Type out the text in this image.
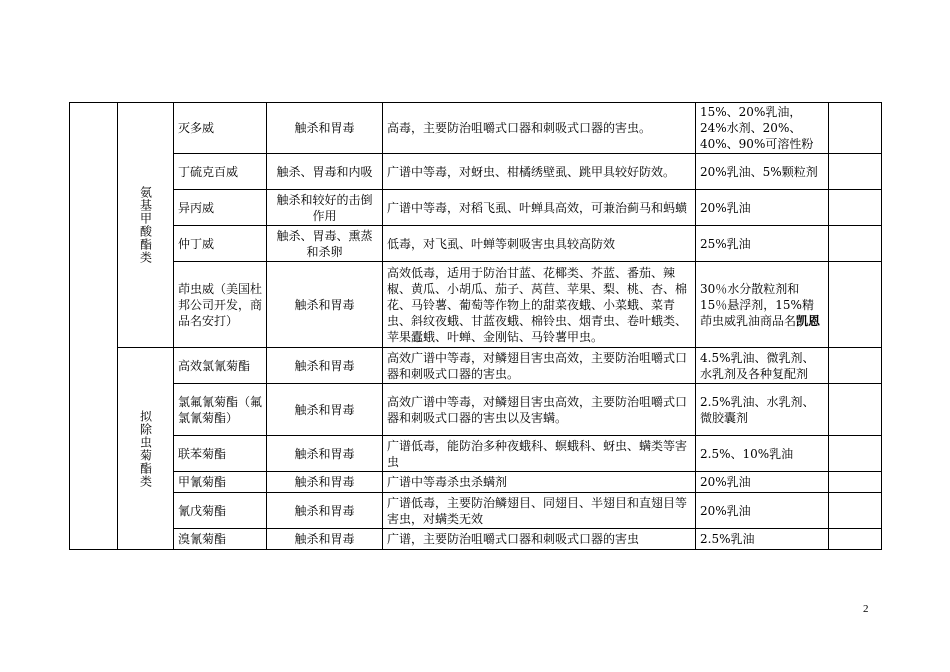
	氨基甲酸酯类	灭多威	触杀和胃毒	高毒，主要防治咀嚼式口器和刺吸式口器的害虫。	15%、20%乳油，24%水剂、20%、40%、90%可溶性粉	
		丁硫克百威	触杀、胃毒和内吸	广谱中等毒，对蚜虫、柑橘绣壁虱、跳甲具较好防效。	20%乳油、5%颗粒剂	
		异丙威	触杀和较好的击倒作用	广谱中等毒，对稻飞虱、叶蝉具高效，可兼治蓟马和蚂蟥	20%乳油	
		仲丁威	触杀、胃毒、熏蒸和杀卵	低毒，对飞虱、叶蝉等刺吸害虫具较高防效	25%乳油	
		茚虫威（美国杜邦公司开发，商品名安打）	触杀和胃毒	高效低毒，适用于防治甘蓝、花椰类、芥蓝、番茄、辣椒、黄瓜、小胡瓜、茄子、莴苣、苹果、梨、桃、杏、棉花、马铃薯、葡萄等作物上的甜菜夜蛾、小菜蛾、菜青虫、斜纹夜蛾、甘蓝夜蛾、棉铃虫、烟青虫、卷叶蛾类、苹果蠹蛾、叶蝉、金刚钻、马铃薯甲虫。	30％水分散粒剂和15％悬浮剂，15%精茚虫威乳油商品名凯恩	

	拟除虫菊酯类	高效氯氰菊酯	触杀和胃毒	高效广谱中等毒，对鳞翅目害虫高效，主要防治咀嚼式口器和刺吸式口器的害虫。	4.5%乳油、微乳剂、水乳剂及各种复配剂	
		氯氟氰菊酯（氟氯氰菊酯）	触杀和胃毒	高效广谱中等毒，对鳞翅目害虫高效，主要防治咀嚼式口器和刺吸式口器的害虫以及害螨。	2.5%乳油、水乳剂、微胶囊剂	
		联苯菊酯	触杀和胃毒	广谱低毒，能防治多种夜蛾科、螟蛾科、蚜虫、螨类等害虫	2.5%、10%乳油	
		甲氰菊酯	触杀和胃毒	广谱中等毒杀虫杀螨剂	20%乳油	
		氰戊菊酯	触杀和胃毒	广谱低毒，主要防治鳞翅目、同翅目、半翅目和直翅目等害虫，对螨类无效	20%乳油	
		溴氰菊酯	触杀和胃毒	广谱，主要防治咀嚼式口器和刺吸式口器的害虫	2.5%乳油	
2
